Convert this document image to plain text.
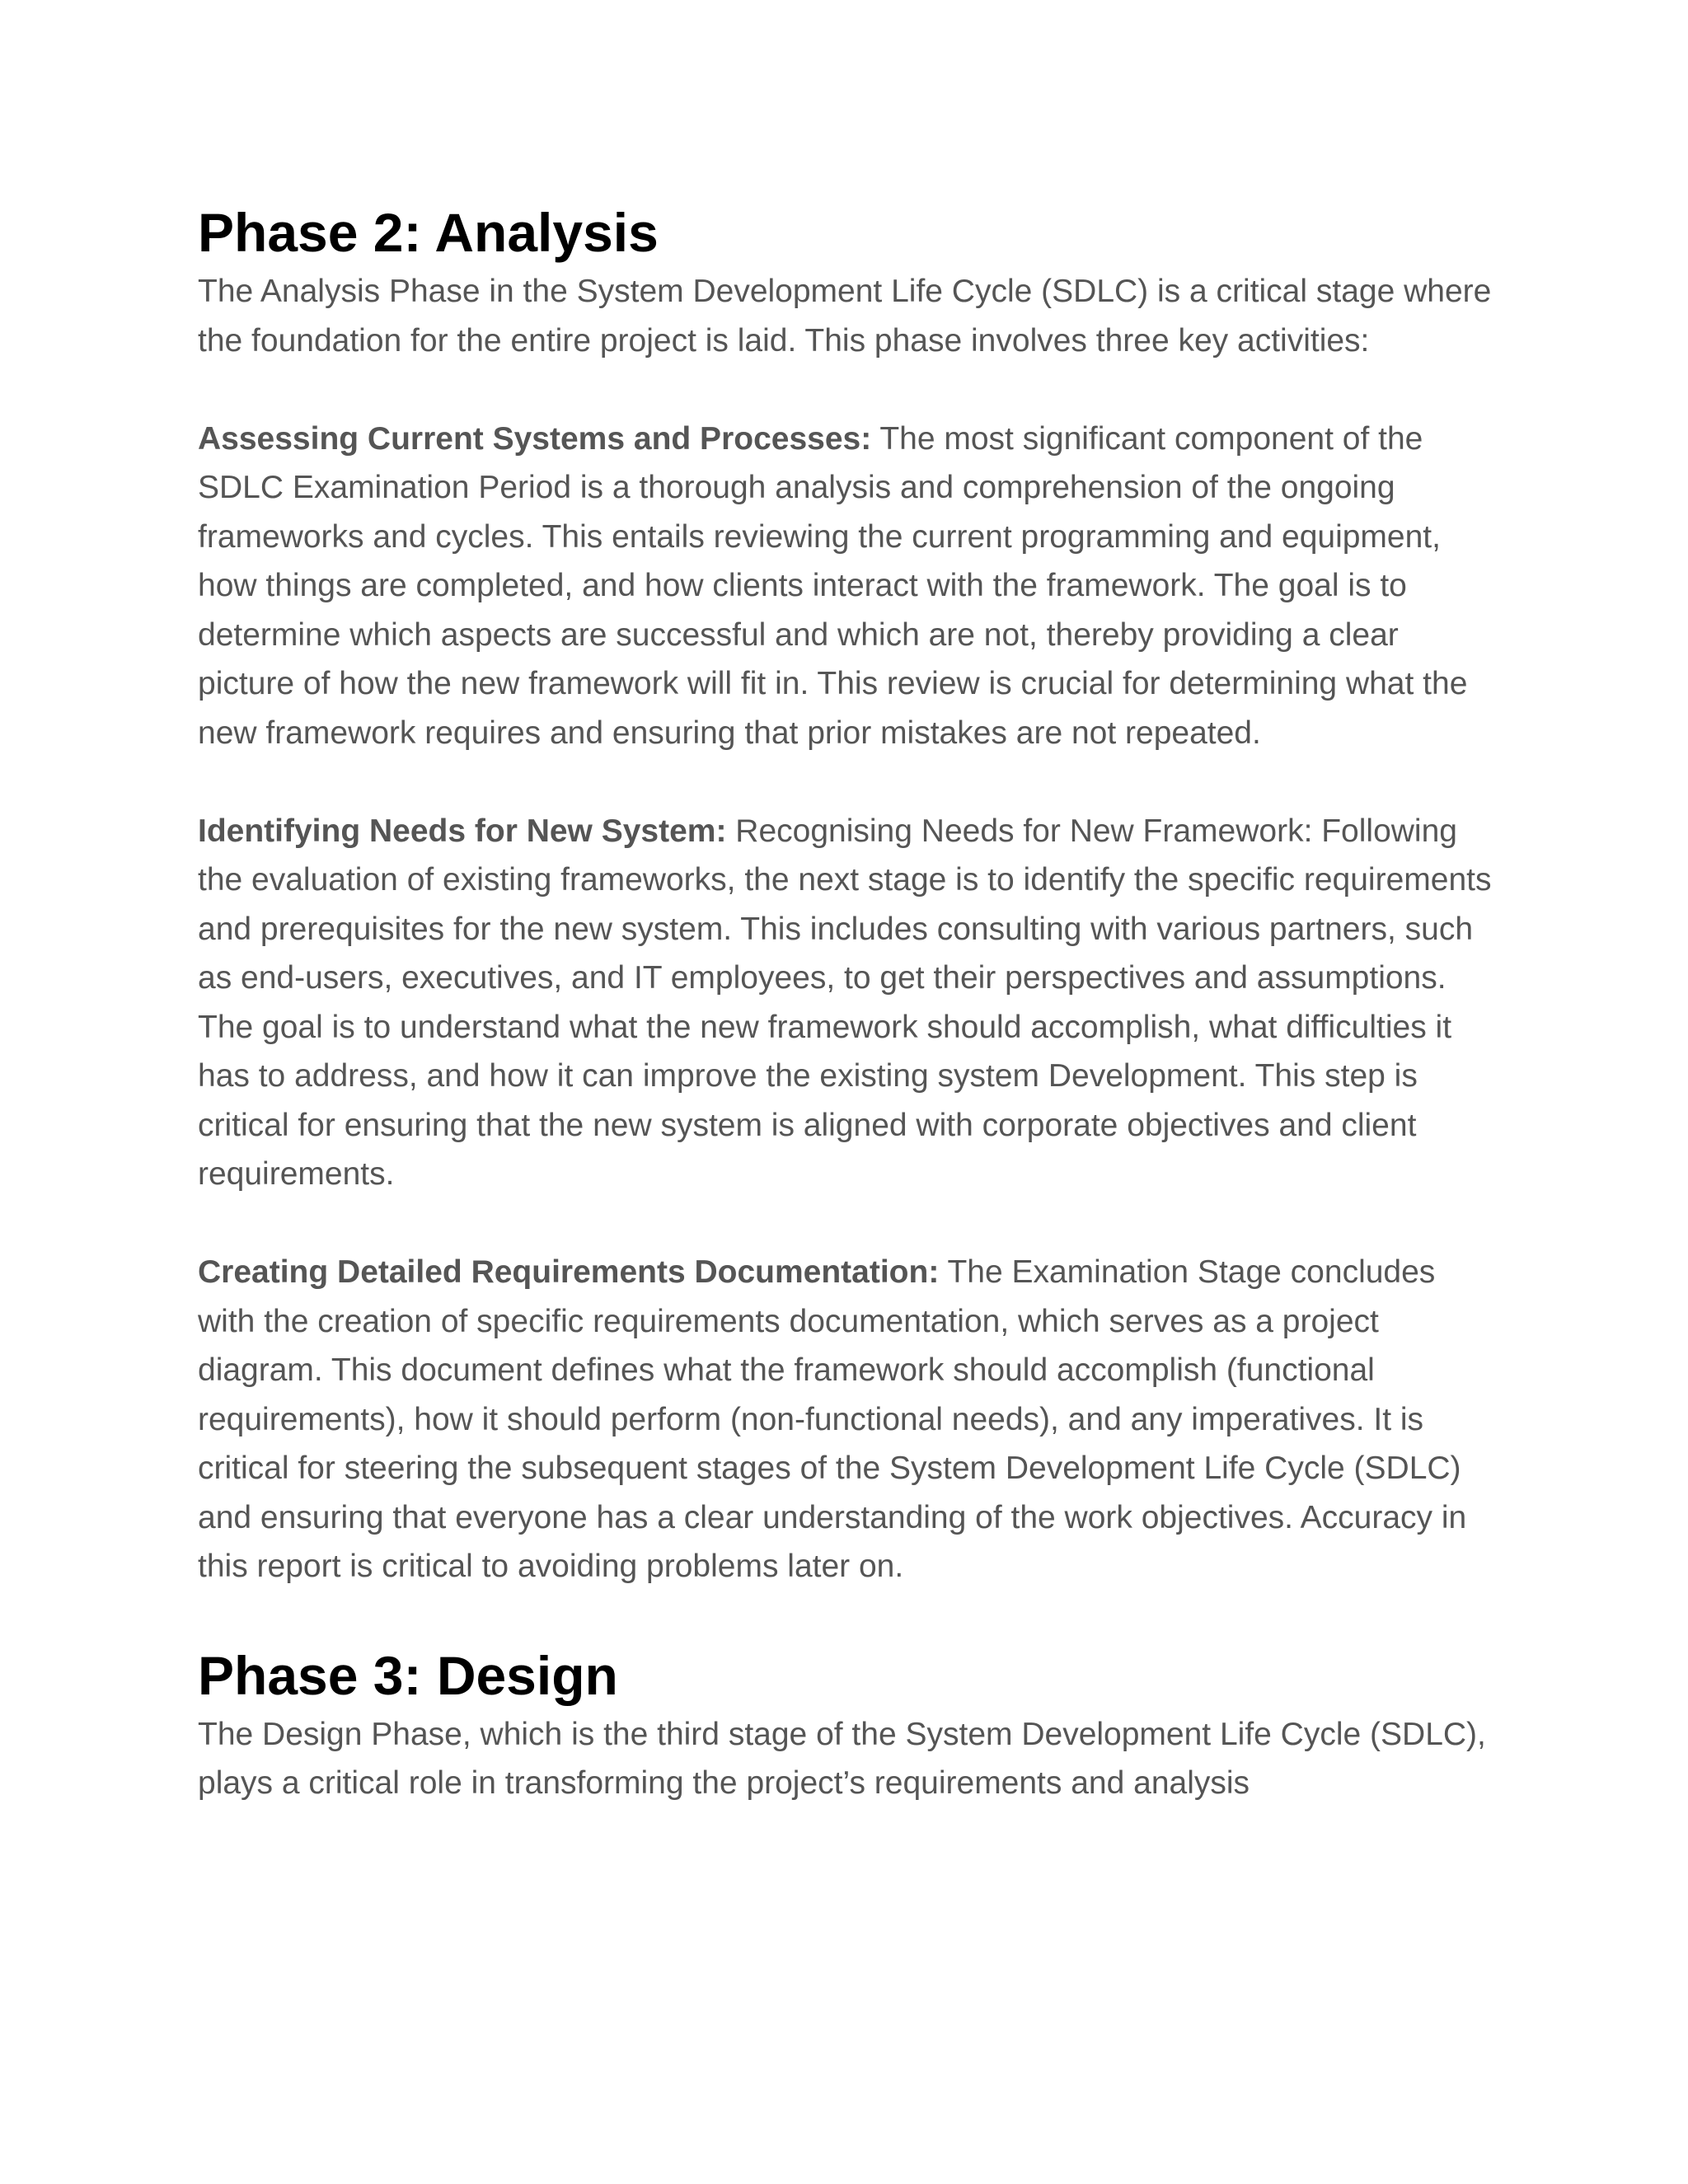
Phase 2: Analysis

The Analysis Phase in the System Development Life Cycle (SDLC) is a critical stage where the foundation for the entire project is laid. This phase involves three key activities:

Assessing Current Systems and Processes: The most significant component of the SDLC Examination Period is a thorough analysis and comprehension of the ongoing frameworks and cycles. This entails reviewing the current programming and equipment, how things are completed, and how clients interact with the framework. The goal is to determine which aspects are successful and which are not, thereby providing a clear picture of how the new framework will fit in. This review is crucial for determining what the new framework requires and ensuring that prior mistakes are not repeated.

Identifying Needs for New System: Recognising Needs for New Framework: Following the evaluation of existing frameworks, the next stage is to identify the specific requirements and prerequisites for the new system. This includes consulting with various partners, such as end-users, executives, and IT employees, to get their perspectives and assumptions. The goal is to understand what the new framework should accomplish, what difficulties it has to address, and how it can improve the existing system Development. This step is critical for ensuring that the new system is aligned with corporate objectives and client requirements.

Creating Detailed Requirements Documentation: The Examination Stage concludes with the creation of specific requirements documentation, which serves as a project diagram. This document defines what the framework should accomplish (functional requirements), how it should perform (non-functional needs), and any imperatives. It is critical for steering the subsequent stages of the System Development Life Cycle (SDLC) and ensuring that everyone has a clear understanding of the work objectives. Accuracy in this report is critical to avoiding problems later on.

Phase 3: Design

The Design Phase, which is the third stage of the System Development Life Cycle (SDLC), plays a critical role in transforming the project’s requirements and analysis
